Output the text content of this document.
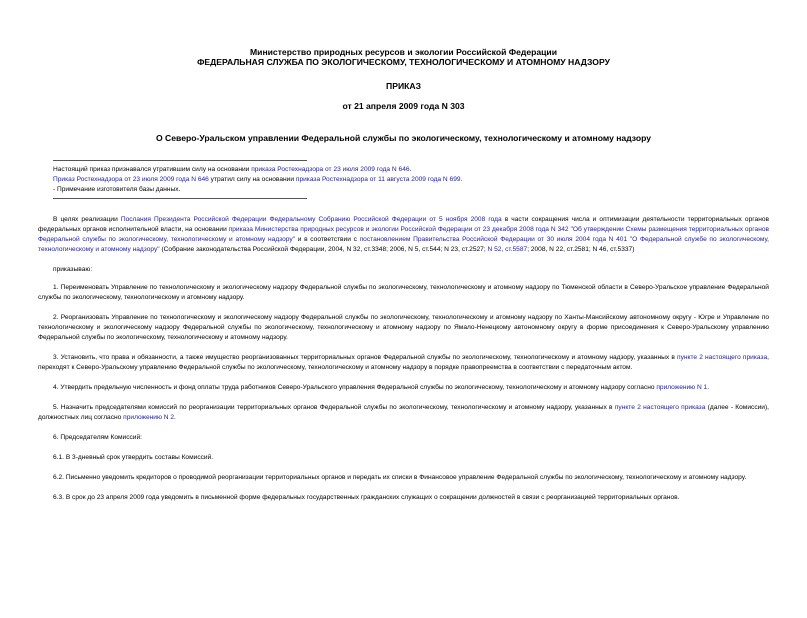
Министерство природных ресурсов и экологии Российской Федерации
ФЕДЕРАЛЬНАЯ СЛУЖБА ПО ЭКОЛОГИЧЕСКОМУ, ТЕХНОЛОГИЧЕСКОМУ И АТОМНОМУ НАДЗОРУ
ПРИКАЗ
от 21 апреля 2009 года N 303
О Северо-Уральском управлении Федеральной службы по экологическому, технологическому и атомному надзору
Настоящий приказ признавался утратившим силу на основании приказа Ростехнадзора от 23 июля 2009 года N 646.
Приказ Ростехнадзора от 23 июля 2009 года N 646 утратил силу на основании приказа Ростехнадзора от 11 августа 2009 года N 699.
- Примечание изготовителя базы данных.

В целях реализации Послания Президента Российской Федерации Федеральному Собранию Российской Федерации от 5 ноября 2008 года в части сокращения числа и оптимизации деятельности территориальных органов федеральных органов исполнительной власти, на основании приказа Министерства природных ресурсов и экологии Российской Федерации от 23 декабря 2008 года N 342 "Об утверждении Схемы размещения территориальных органов Федеральной службы по экологическому, технологическому и атомному надзору" и в соответствии с постановлением Правительства Российской Федерации от 30 июля 2004 года N 401 "О Федеральной службе по экологическому, технологическому и атомному надзору" (Собрание законодательства Российской Федерации, 2004, N 32, ст.3348; 2006, N 5, ст.544; N 23, ст.2527; N 52, ст.5587; 2008, N 22, ст.2581; N 46, ст.5337)

приказываю:

1. Переименовать Управление по технологическому и экологическому надзору Федеральной службы по экологическому, технологическому и атомному надзору по Тюменской области в Северо-Уральское управление Федеральной службы по экологическому, технологическому и атомному надзору.

2. Реорганизовать Управление по технологическому и экологическому надзору Федеральной службы по экологическому, технологическому и атомному надзору по Ханты-Мансийскому автономному округу - Югре и Управление по технологическому и экологическому надзору Федеральной службы по экологическому, технологическому и атомному надзору по Ямало-Ненецкому автономному округу в форме присоединения к Северо-Уральскому управлению Федеральной службы по экологическому, технологическому и атомному надзору.

3. Установить, что права и обязанности, а также имущество реорганизованных территориальных органов Федеральной службы по экологическому, технологическому и атомному надзору, указанных в пункте 2 настоящего приказа, переходят к Северо-Уральскому управлению Федеральной службы по экологическому, технологическому и атомному надзору в порядке правопреемства в соответствии с передаточным актом.

4. Утвердить предельную численность и фонд оплаты труда работников Северо-Уральского управления Федеральной службы по экологическому, технологическому и атомному надзору согласно приложению N 1.

5. Назначить председателями комиссий по реорганизации территориальных органов Федеральной службы по экологическому, технологическому и атомному надзору, указанных в пункте 2 настоящего приказа (далее - Комиссии), должностных лиц согласно приложению N 2.

6. Председателям Комиссий:

6.1. В 3-дневный срок утвердить составы Комиссий.

6.2. Письменно уведомить кредиторов о проводимой реорганизации территориальных органов и передать их списки в Финансовое управление Федеральной службы по экологическому, технологическому и атомному надзору.

6.3. В срок до 23 апреля 2009 года уведомить в письменной форме федеральных государственных гражданских служащих о сокращении должностей в связи с реорганизацией территориальных органов.
